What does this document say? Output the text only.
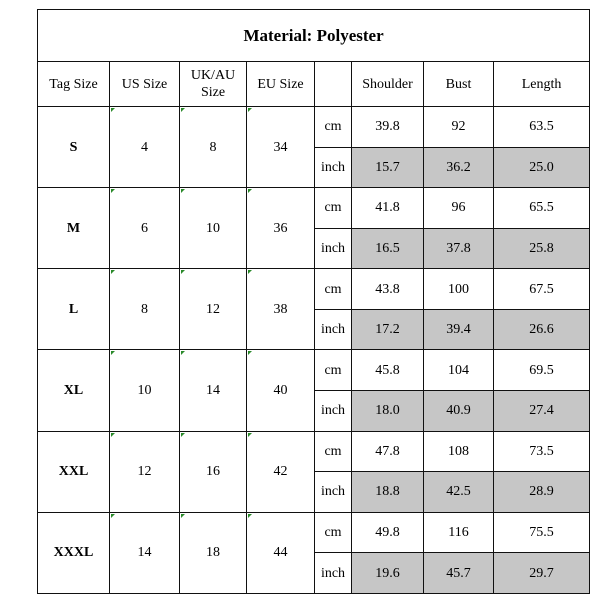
Material: Polyester							
Tag Size	US Size	UK/AU Size	EU Size		Shoulder	Bust	Length
S	4	8	34	cm	39.8	92	63.5
				inch	15.7	36.2	25.0
M	6	10	36	cm	41.8	96	65.5
				inch	16.5	37.8	25.8
L	8	12	38	cm	43.8	100	67.5
				inch	17.2	39.4	26.6
XL	10	14	40	cm	45.8	104	69.5
				inch	18.0	40.9	27.4
XXL	12	16	42	cm	47.8	108	73.5
				inch	18.8	42.5	28.9
XXXL	14	18	44	cm	49.8	116	75.5
				inch	19.6	45.7	29.7
